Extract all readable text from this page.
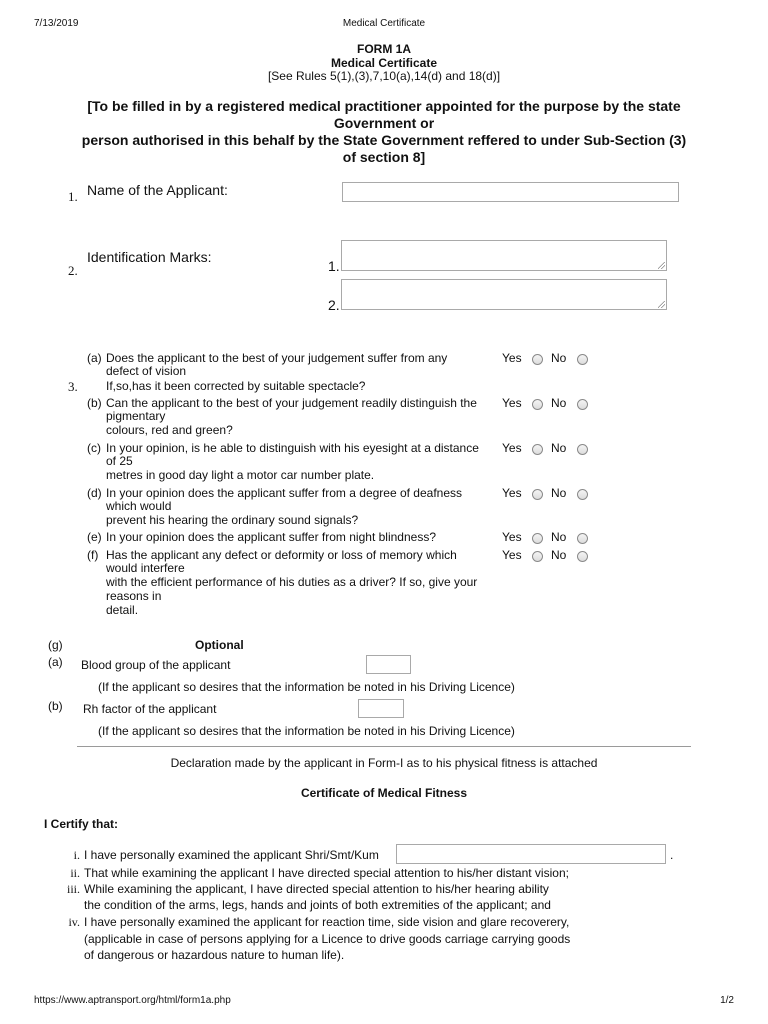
7/13/2019	Medical Certificate
FORM 1A
Medical Certificate
[See Rules 5(1),(3),7,10(a),14(d) and 18(d)]
[To be filled in by a registered medical practitioner appointed for the purpose by the state
Government or
person authorised in this behalf by the State Government reffered to under Sub-Section (3)
of section 8]
1. Name of the Applicant:
2.
Identification Marks:
1.
2.
3.
(a) Does the applicant to the best of your judgement suffer from any
defect of vision
If,so,has it been corrected by suitable spectacle?
Yes No
(b) Can the applicant to the best of your judgement readily distinguish the
pigmentary
colours, red and green?
Yes No
(c) In your opinion, is he able to distinguish with his eyesight at a distance
of 25
metres in good day light a motor car number plate.
Yes No
(d) In your opinion does the applicant suffer from a degree of deafness
which would
prevent his hearing the ordinary sound signals?
Yes No
(e) In your opinion does the applicant suffer from night blindness?	Yes No
(f) Has the applicant any defect or deformity or loss of memory which
would interfere
with the efficient performance of his duties as a driver? If so, give your
reasons in
detail.
Yes No
(g)	Optional
(a) Blood group of the applicant
(If the applicant so desires that the information be noted in his Driving Licence)
(b) Rh factor of the applicant
(If the applicant so desires that the information be noted in his Driving Licence)
Declaration made by the applicant in Form-I as to his physical fitness is attached
Certificate of Medical Fitness
I Certify that:
i. I have personally examined the applicant Shri/Smt/Kum	.
ii. That while examining the applicant I have directed special attention to his/her distant vision;
iii. While examining the applicant, I have directed special attention to his/her hearing ability
the condition of the arms, legs, hands and joints of both extremities of the applicant; and
iv. I have personally examined the applicant for reaction time, side vision and glare recoverery,
(applicable in case of persons applying for a Licence to drive goods carriage carrying goods
of dangerous or hazardous nature to human life).
https://www.aptransport.org/html/form1a.php	1/2
